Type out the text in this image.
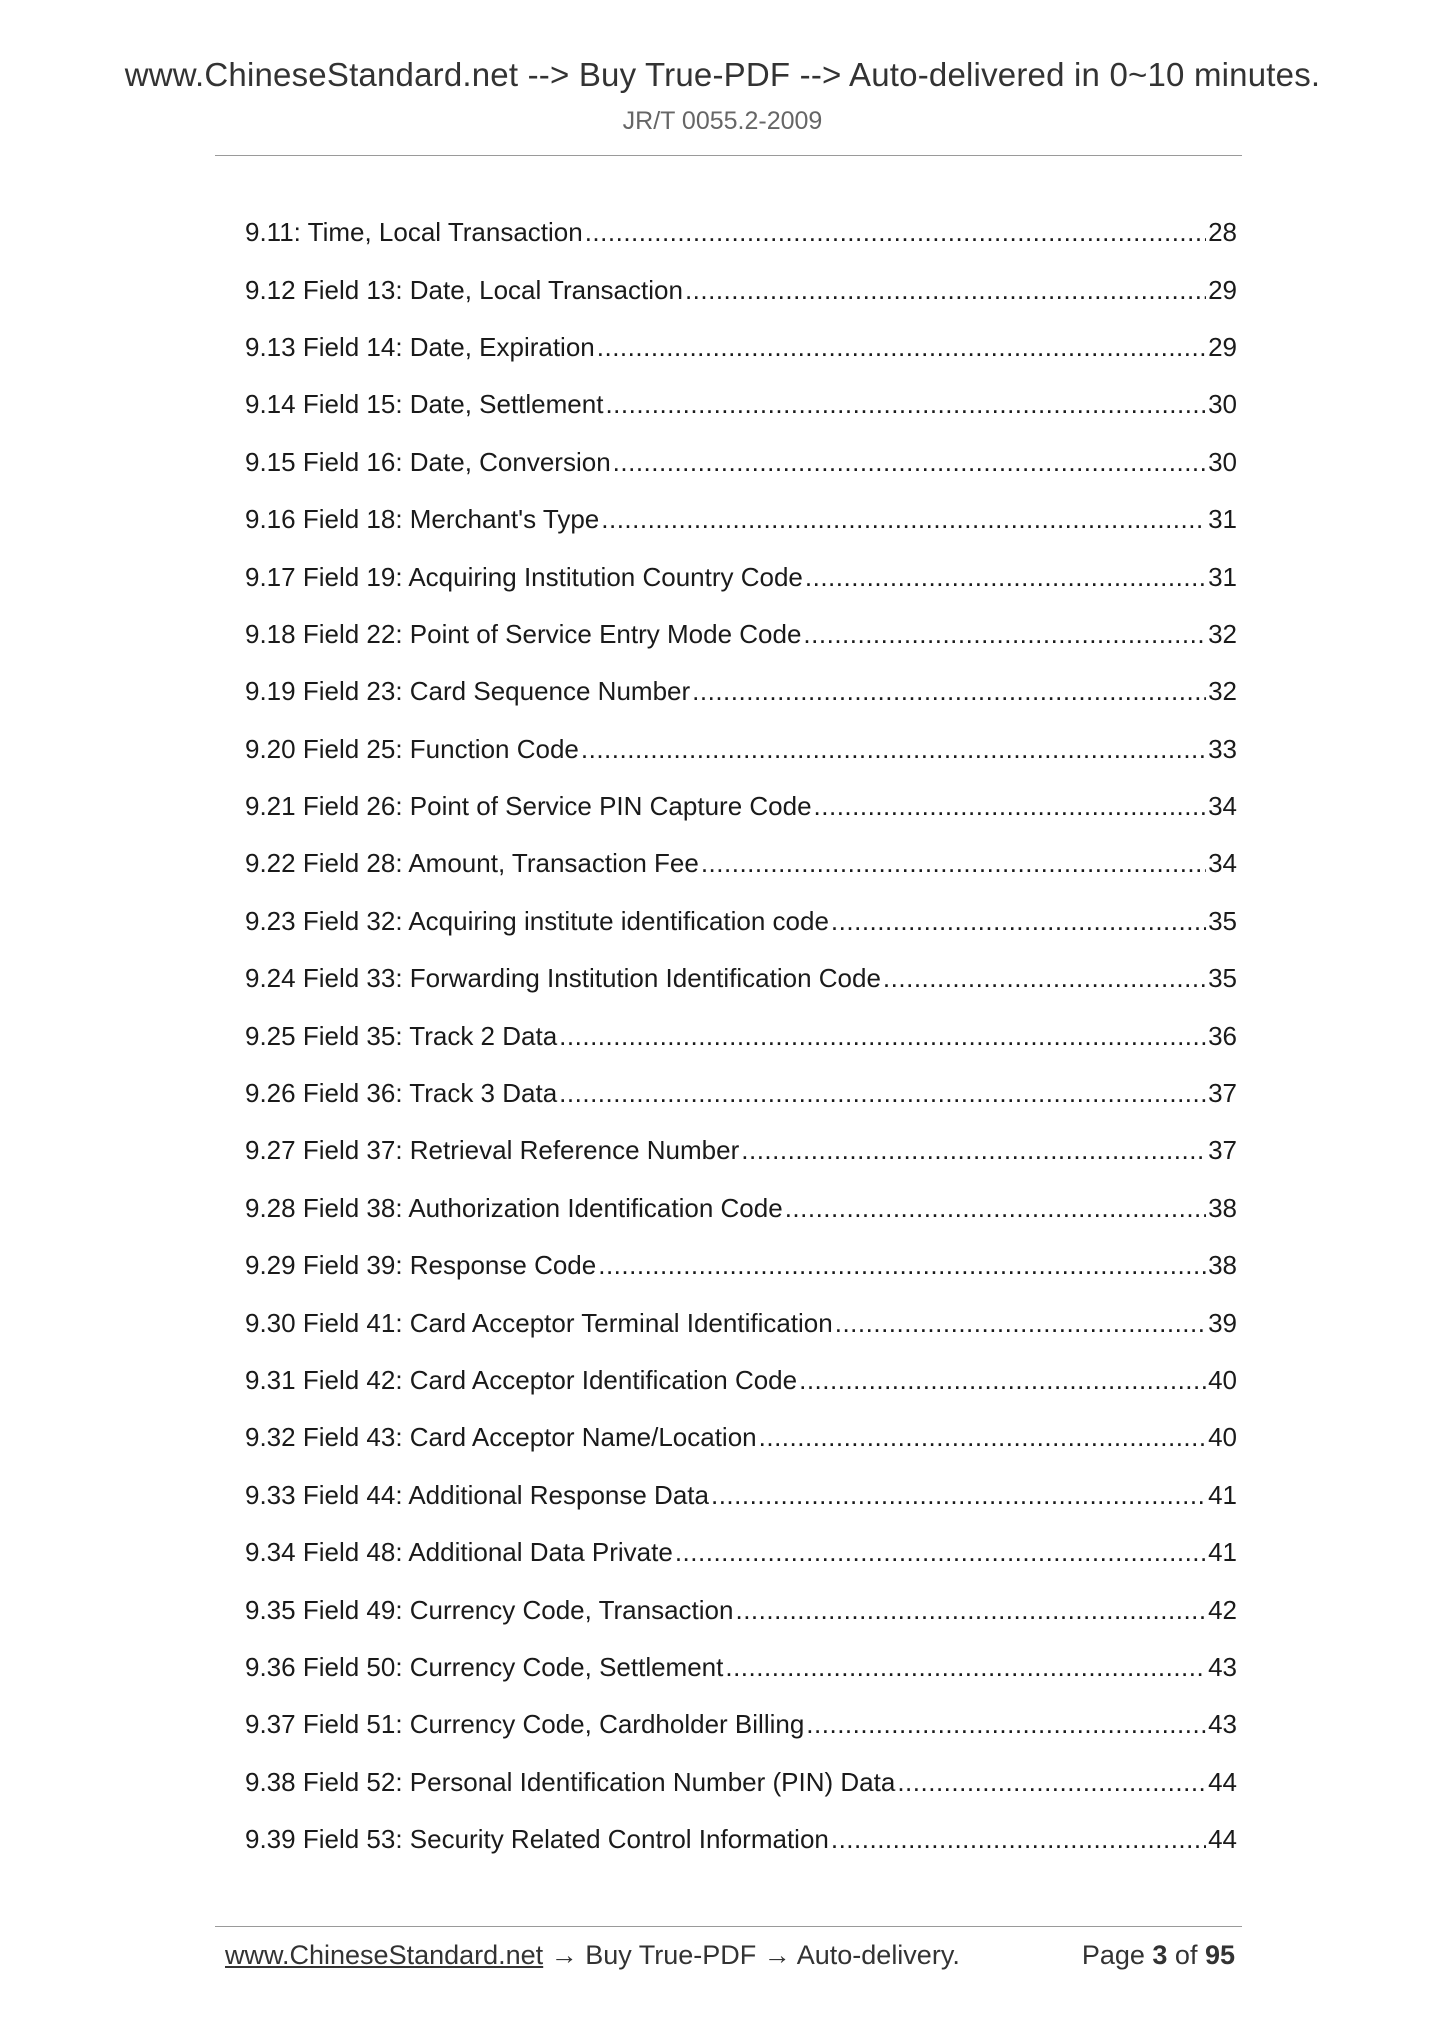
www.ChineseStandard.net --> Buy True-PDF --> Auto-delivered in 0~10 minutes.
JR/T 0055.2-2009
9.11: Time, Local Transaction .....	28
9.12 Field 13: Date, Local Transaction .....	29
9.13 Field 14: Date, Expiration .....	29
9.14 Field 15: Date, Settlement .....	30
9.15 Field 16: Date, Conversion .....	30
9.16 Field 18: Merchant's Type .....	31
9.17 Field 19: Acquiring Institution Country Code .....	31
9.18 Field 22: Point of Service Entry Mode Code .....	32
9.19 Field 23: Card Sequence Number .....	32
9.20 Field 25: Function Code .....	33
9.21 Field 26: Point of Service PIN Capture Code .....	34
9.22 Field 28: Amount, Transaction Fee .....	34
9.23 Field 32: Acquiring institute identification code .....	35
9.24 Field 33: Forwarding Institution Identification Code .....	35
9.25 Field 35: Track 2 Data .....	36
9.26 Field 36: Track 3 Data .....	37
9.27 Field 37: Retrieval Reference Number .....	37
9.28 Field 38: Authorization Identification Code .....	38
9.29 Field 39: Response Code .....	38
9.30 Field 41: Card Acceptor Terminal Identification .....	39
9.31 Field 42: Card Acceptor Identification Code .....	40
9.32 Field 43: Card Acceptor Name/Location .....	40
9.33 Field 44: Additional Response Data .....	41
9.34 Field 48: Additional Data Private .....	41
9.35 Field 49: Currency Code, Transaction .....	42
9.36 Field 50: Currency Code, Settlement .....	43
9.37 Field 51: Currency Code, Cardholder Billing .....	43
9.38 Field 52: Personal Identification Number (PIN) Data .....	44
9.39 Field 53: Security Related Control Information .....	44
www.ChineseStandard.net → Buy True-PDF → Auto-delivery.	Page 3 of 95
